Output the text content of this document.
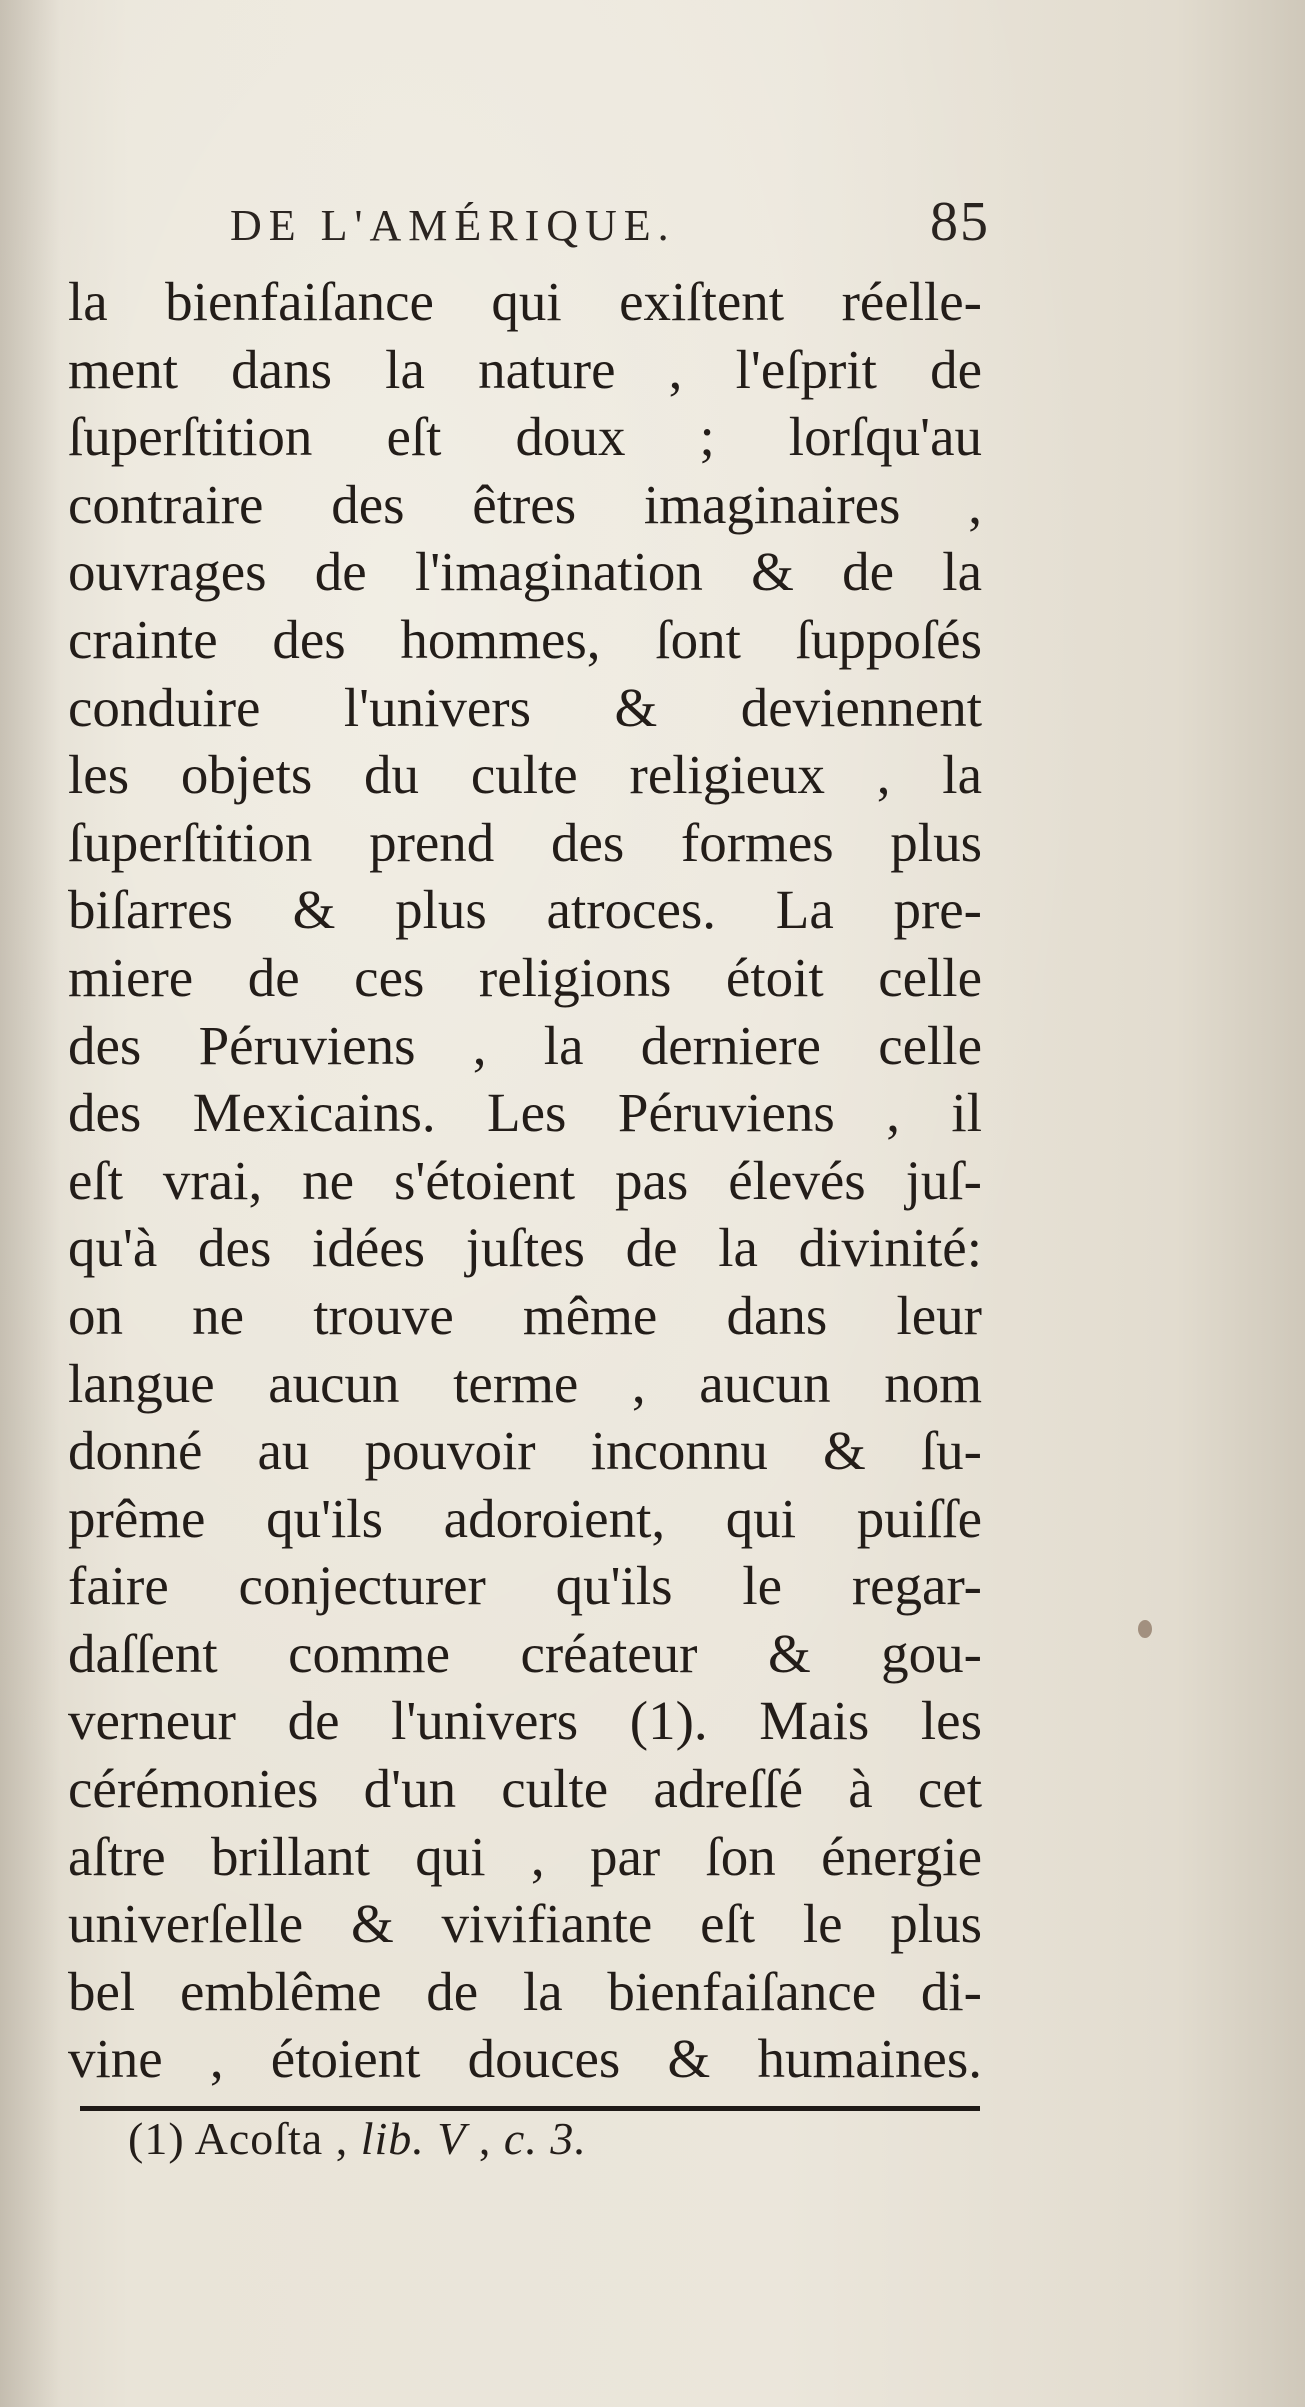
DE L'AMÉRIQUE.	85
la bienfaiſance qui exiſtent réelle-
ment dans la nature , l'eſprit de
ſuperſtition eſt doux ; lorſqu'au
contraire des êtres imaginaires ,
ouvrages de l'imagination & de la
crainte des hommes, ſont ſuppoſés
conduire l'univers & deviennent
les objets du culte religieux , la
ſuperſtition prend des formes plus
biſarres & plus atroces. La pre-
miere de ces religions étoit celle
des Péruviens , la derniere celle
des Mexicains. Les Péruviens , il
eſt vrai, ne s'étoient pas élevés juſ-
qu'à des idées juſtes de la divinité:
on ne trouve même dans leur
langue aucun terme , aucun nom
donné au pouvoir inconnu & ſu-
prême qu'ils adoroient, qui puiſſe
faire conjecturer qu'ils le regar-
daſſent comme créateur & gou-
verneur de l'univers (1). Mais les
cérémonies d'un culte adreſſé à cet
aſtre brillant qui , par ſon énergie
univerſelle & vivifiante eſt le plus
bel emblême de la bienfaiſance di-
vine , étoient douces & humaines.
(1) Acoſta , lib. V , c. 3.
